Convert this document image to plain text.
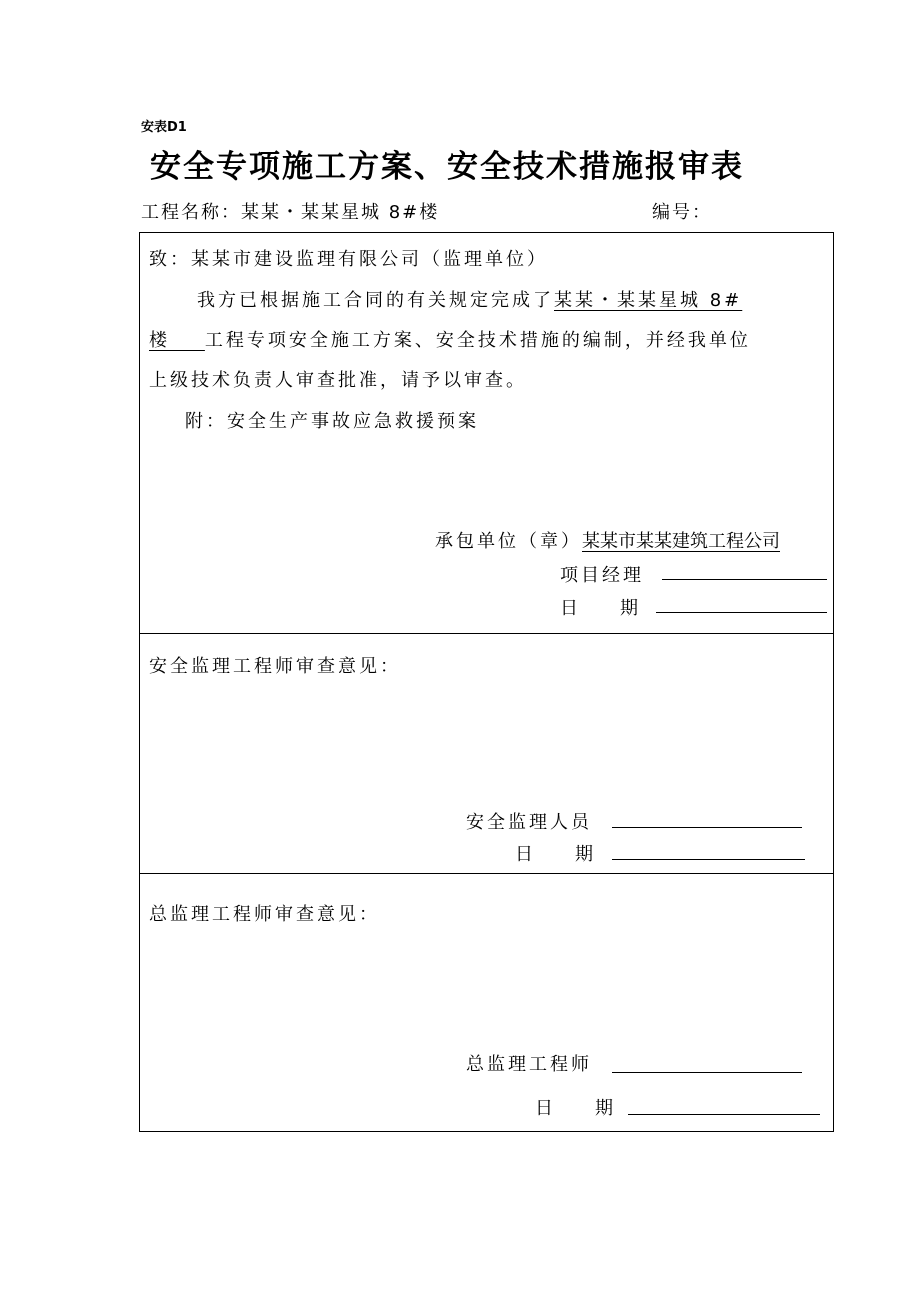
安表D1
安全专项施工方案、安全技术措施报审表
工程名称：某某・某某星城 8#楼	编号：
致：某某市建设监理有限公司（监理单位）
我方已根据施工合同的有关规定完成了某某・某某星城 8#
楼 工程专项安全施工方案、安全技术措施的编制，并经我单位
上级技术负责人审查批准，请予以审查。
附：安全生产事故应急救援预案
承包单位（章）某某市某某建筑工程公司
项目经理
日　　期
安全监理工程师审查意见：
安全监理人员
日　　期
总监理工程师审查意见：
总监理工程师
日　　期
